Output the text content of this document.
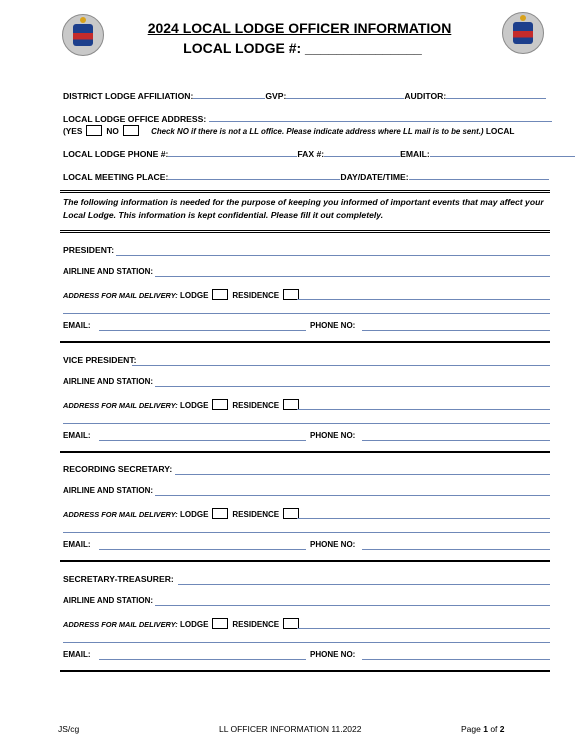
2024 LOCAL LODGE OFFICER INFORMATION
LOCAL LODGE #: _______________
DISTRICT LODGE AFFILIATION:	GVP:	AUDITOR:
LOCAL LODGE OFFICE ADDRESS:
(YES	NO	Check NO if there is not a LL office. Please indicate address where LL mail is to be sent.) LOCAL
LOCAL LODGE PHONE #:	FAX #:	EMAIL:
LOCAL MEETING PLACE:	DAY/DATE/TIME:
The following information is needed for the purpose of keeping you informed of important events that may affect your Local Lodge. This information is kept confidential. Please fill it out completely.
PRESIDENT:
AIRLINE AND STATION:
ADDRESS FOR MAIL DELIVERY: LODGE	RESIDENCE
EMAIL:	PHONE NO:
VICE PRESIDENT:
AIRLINE AND STATION:
ADDRESS FOR MAIL DELIVERY: LODGE	RESIDENCE
EMAIL:	PHONE NO:
RECORDING SECRETARY:
AIRLINE AND STATION:
ADDRESS FOR MAIL DELIVERY: LODGE	RESIDENCE
EMAIL:	PHONE NO:
SECRETARY-TREASURER:
AIRLINE AND STATION:
ADDRESS FOR MAIL DELIVERY: LODGE	RESIDENCE
EMAIL:	PHONE NO:
JS/cg	LL OFFICER INFORMATION 11.2022	Page 1 of 2
